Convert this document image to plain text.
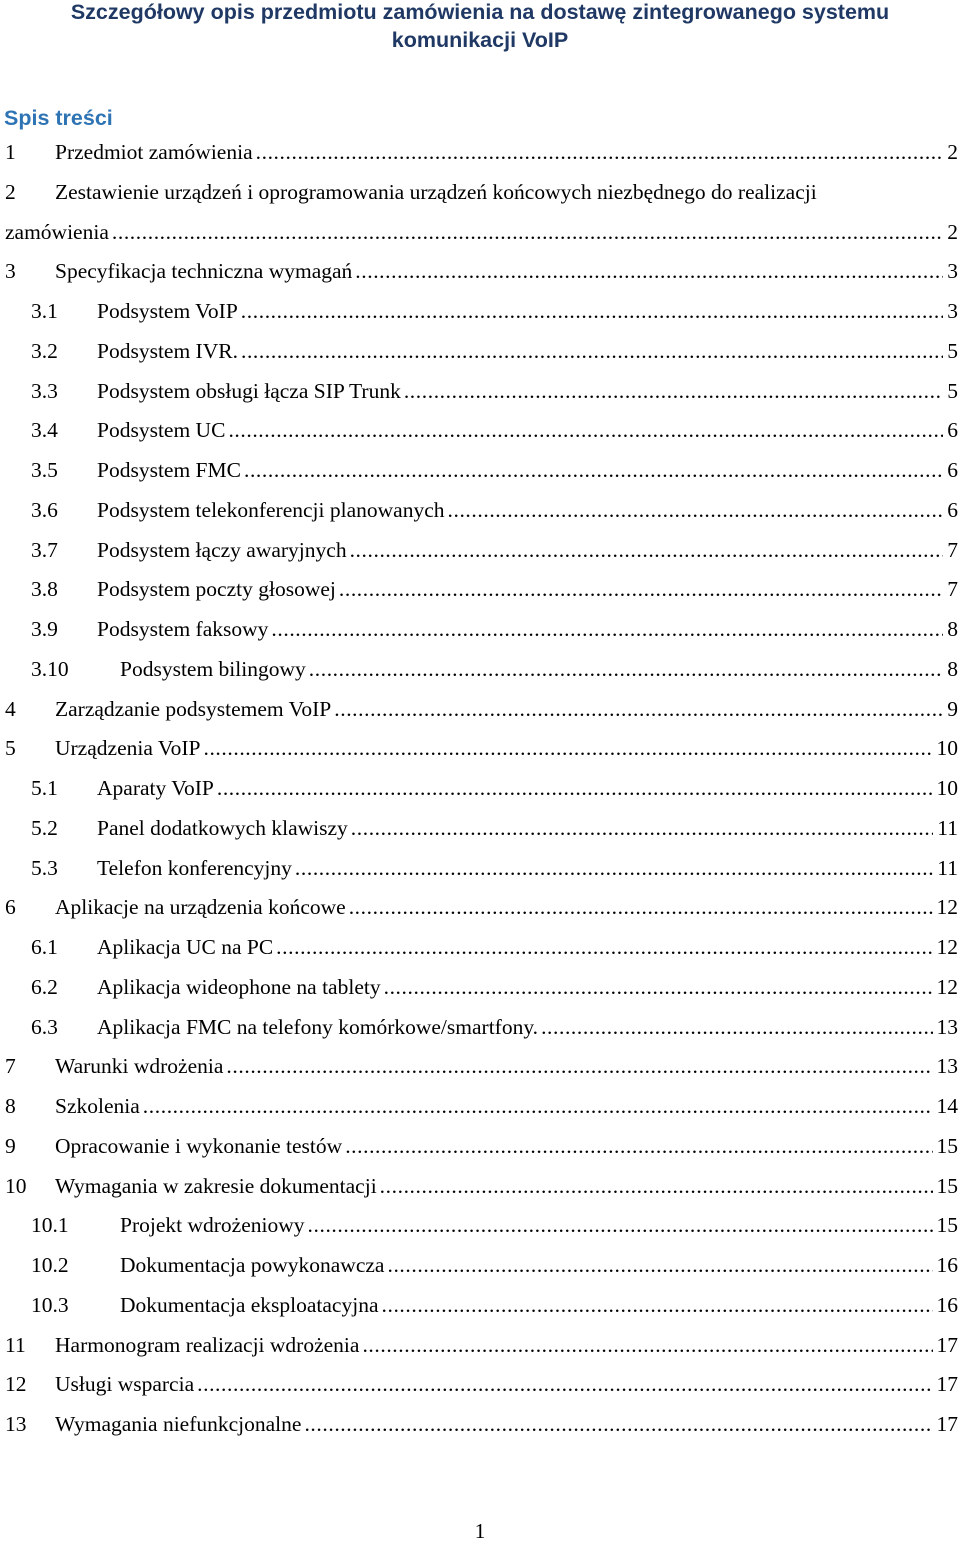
Szczegółowy opis przedmiotu zamówienia na dostawę zintegrowanego systemu
komunikacji VoIP
Spis treści
1 Przedmiot zamówienia .....	2
2 Zestawienie urządzeń i oprogramowania urządzeń końcowych niezbędnego do realizacji
zamówienia .....	2
3 Specyfikacja techniczna wymagań .....	3
3.1 Podsystem VoIP .....	3
3.2 Podsystem IVR. .....	5
3.3 Podsystem obsługi łącza SIP Trunk .....	5
3.4 Podsystem UC .....	6
3.5 Podsystem FMC .....	6
3.6 Podsystem telekonferencji planowanych .....	6
3.7 Podsystem łączy awaryjnych .....	7
3.8 Podsystem poczty głosowej .....	7
3.9 Podsystem faksowy .....	8
3.10 Podsystem bilingowy .....	8
4 Zarządzanie podsystemem VoIP .....	9
5 Urządzenia VoIP .....	10
5.1 Aparaty VoIP .....	10
5.2 Panel dodatkowych klawiszy .....	11
5.3 Telefon konferencyjny .....	11
6 Aplikacje na urządzenia końcowe .....	12
6.1 Aplikacja UC na PC .....	12
6.2 Aplikacja wideophone na tablety .....	12
6.3 Aplikacja FMC na telefony komórkowe/smartfony. .....	13
7 Warunki wdrożenia .....	13
8 Szkolenia .....	14
9 Opracowanie i wykonanie testów .....	15
10 Wymagania w zakresie dokumentacji .....	15
10.1 Projekt wdrożeniowy .....	15
10.2 Dokumentacja powykonawcza .....	16
10.3 Dokumentacja eksploatacyjna .....	16
11 Harmonogram realizacji wdrożenia .....	17
12 Usługi wsparcia .....	17
13 Wymagania niefunkcjonalne .....	17
1
